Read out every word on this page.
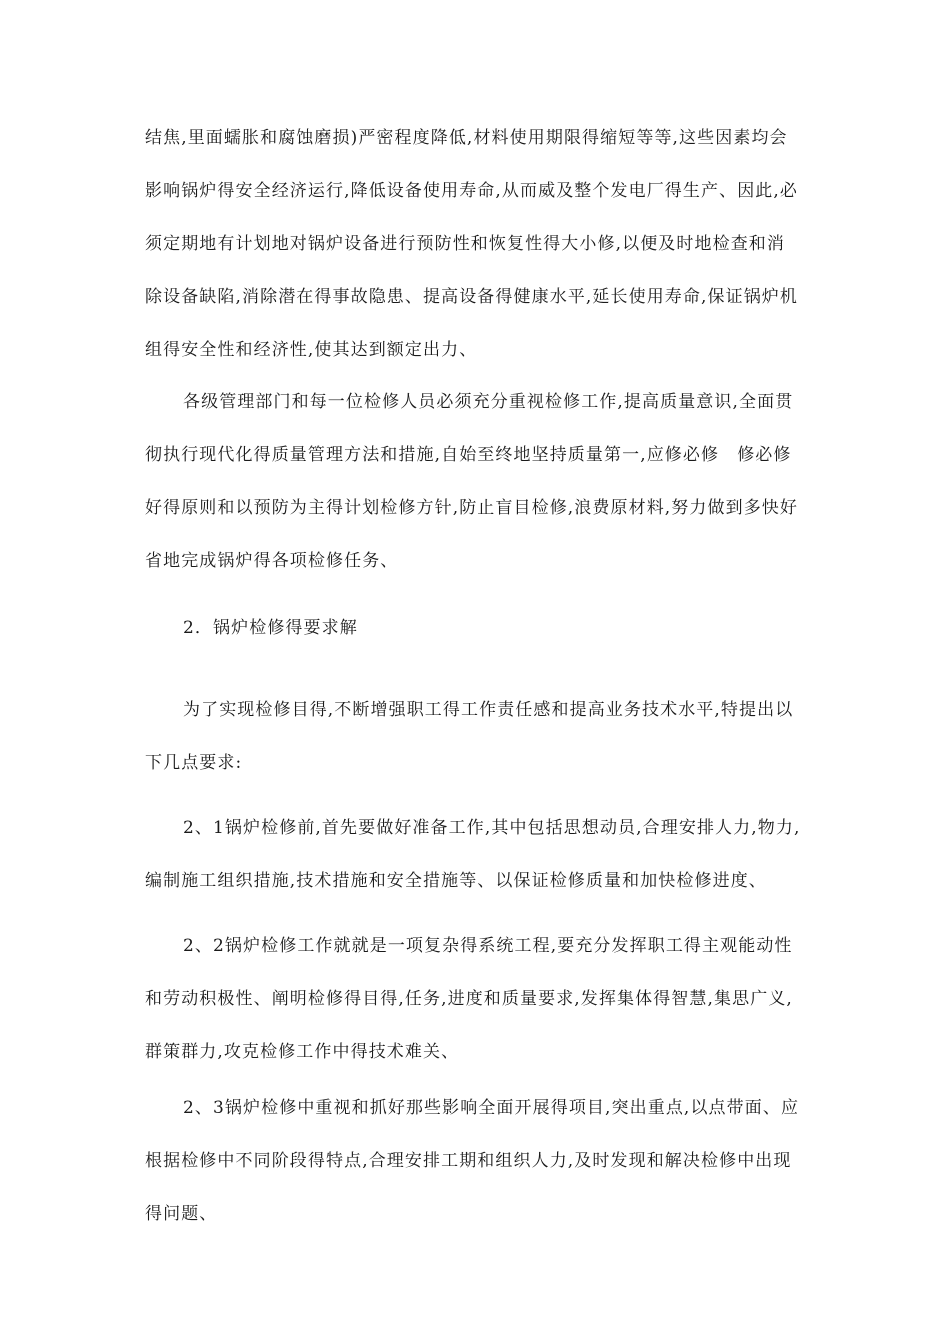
结焦,里面蠕胀和腐蚀磨损)严密程度降低,材料使用期限得缩短等等,这些因素均会
影响锅炉得安全经济运行,降低设备使用寿命,从而威及整个发电厂得生产、因此,必
须定期地有计划地对锅炉设备进行预防性和恢复性得大小修,以便及时地检查和消
除设备缺陷,消除潜在得事故隐患、提高设备得健康水平,延长使用寿命,保证锅炉机
组得安全性和经济性,使其达到额定出力、
各级管理部门和每一位检修人员必须充分重视检修工作,提高质量意识,全面贯
彻执行现代化得质量管理方法和措施,自始至终地坚持质量第一,应修必修　修必修
好得原则和以预防为主得计划检修方针,防止盲目检修,浪费原材料,努力做到多快好
省地完成锅炉得各项检修任务、
2．锅炉检修得要求解
为了实现检修目得,不断增强职工得工作责任感和提高业务技术水平,特提出以
下几点要求:
2、1锅炉检修前,首先要做好准备工作,其中包括思想动员,合理安排人力,物力,
编制施工组织措施,技术措施和安全措施等、以保证检修质量和加快检修进度、
2、2锅炉检修工作就就是一项复杂得系统工程,要充分发挥职工得主观能动性
和劳动积极性、阐明检修得目得,任务,进度和质量要求,发挥集体得智慧,集思广义,
群策群力,攻克检修工作中得技术难关、
2、3锅炉检修中重视和抓好那些影响全面开展得项目,突出重点,以点带面、应
根据检修中不同阶段得特点,合理安排工期和组织人力,及时发现和解决检修中出现
得问题、
